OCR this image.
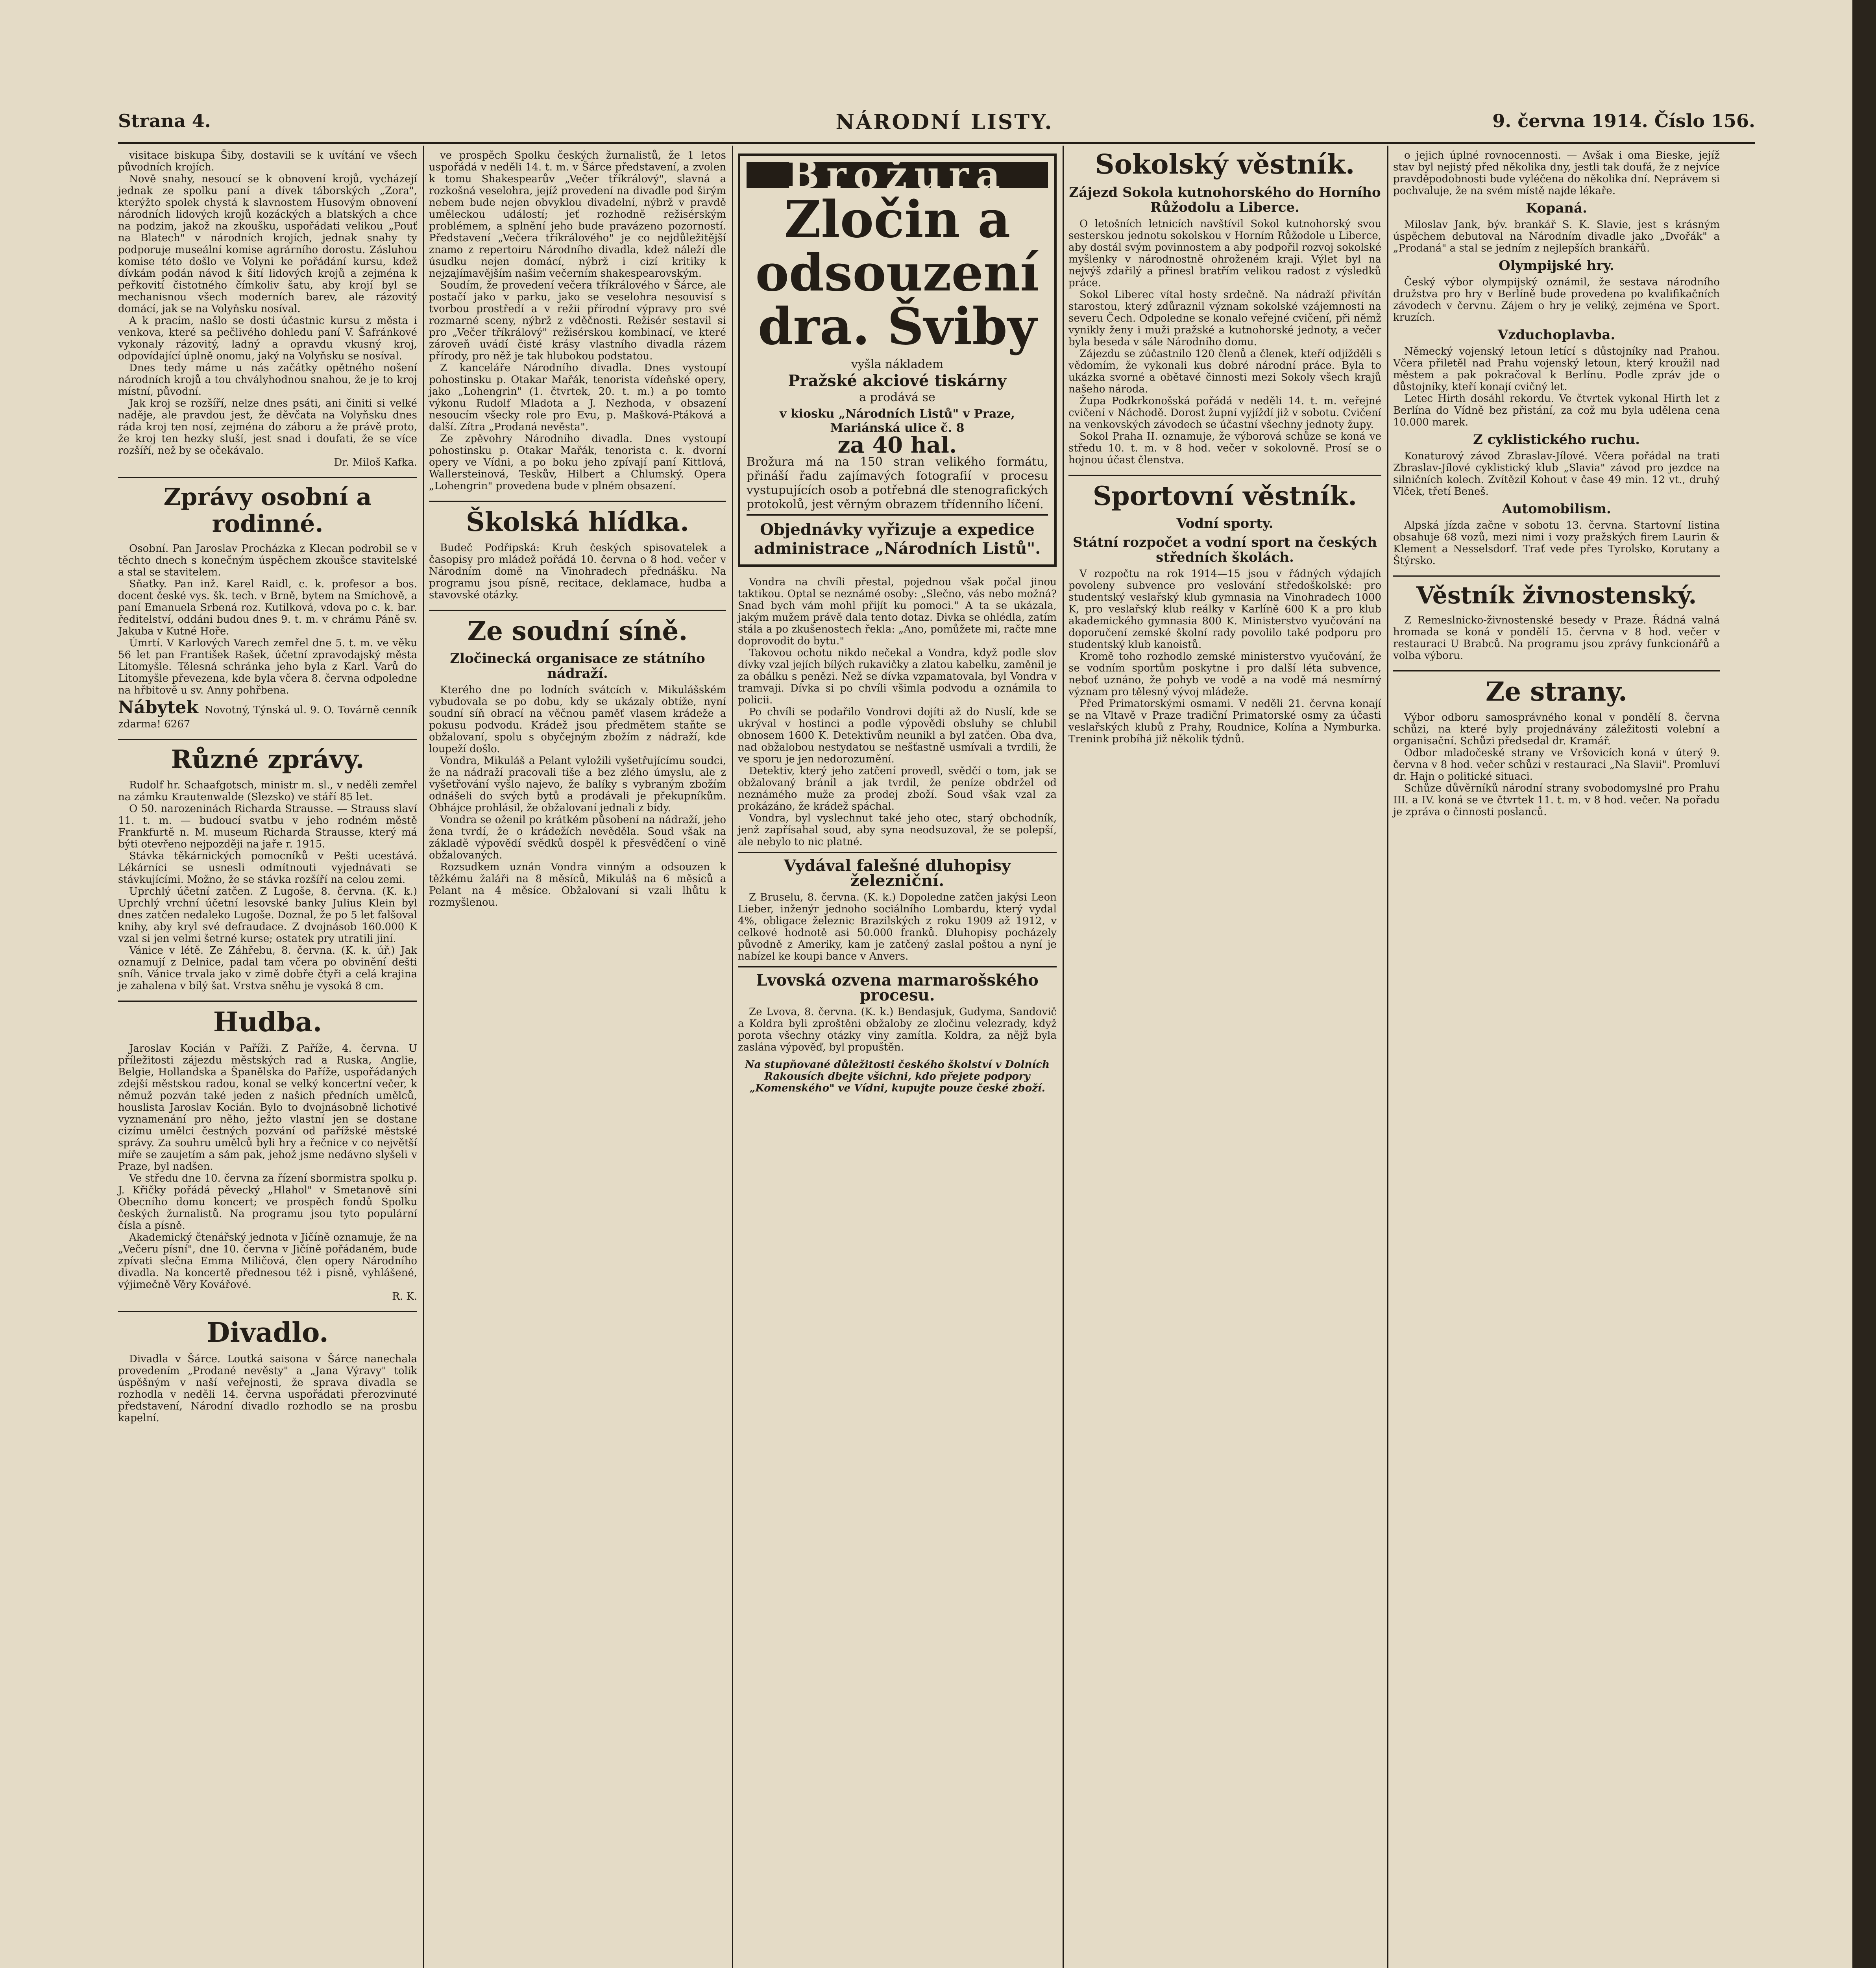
Strana 4.	NÁRODNÍ LISTY.	9. června 1914. Číslo 156.

visitace biskupa Šiby, dostavili se k uvítání ve všech původních krojích.

Nově snahy, nesoucí se k obnovení krojů, vycházejí jednak ze spolku paní a dívek táborských „Zora", kterýžto spolek chystá k slavnostem Husovým obnovení národních lidových krojů kozáckých a blatských a chce na podzim, jakož na zkoušku, uspořádati velikou „Pouť na Blatech" v národních krojích, jednak snahy ty podporuje museální komise agrárního dorostu. Zásluhou komise této došlo ve Volyni ke pořádání kursu, kdež dívkám podán návod k šití lidových krojů a zejména k peřkovití čistotného čímkoliv šatu, aby krojí byl se mechanisnou všech moderních barev, ale rázovitý domácí, jak se na Volyňsku nosíval.

A k pracím, našlo se dosti účastnic kursu z města i venkova, které sa pečlivého dohledu paní V. Šafránkové vykonaly rázovitý, ladný a opravdu vkusný kroj, odpovídající úplně onomu, jaký na Volyňsku se nosíval.

Dnes tedy máme u nás začátky opětného nošení národních krojů a tou chvályhodnou snahou, že je to kroj místní, původní.

Jak kroj se rozšíří, nelze dnes psáti, ani činiti si velké naděje, ale pravdou jest, že děvčata na Volyňsku dnes ráda kroj ten nosí, zejména do záboru a že právě proto, že kroj ten hezky sluší, jest snad i doufati, že se více rozšíří, než by se očekávalo.

Dr. Miloš Kafka.

Zprávy osobní a rodinné.

Osobní. Pan Jaroslav Procházka z Klecan podrobil se v těchto dnech s konečným úspěchem zkoušce stavitelské a stal se stavitelem.

Sňatky. Pan inž. Karel Raidl, c. k. profesor a bos. docent české vys. šk. tech. v Brně, bytem na Smíchově, a paní Emanuela Srbená roz. Kutilková, vdova po c. k. bar. ředitelství, oddáni budou dnes 9. t. m. v chrámu Páně sv. Jakuba v Kutné Hoře.

Úmrtí. V Karlových Varech zemřel dne 5. t. m. ve věku 56 let pan František Rašek, účetní zpravodajský města Litomyšle. Tělesná schránka jeho byla z Karl. Varů do Litomyšle převezena, kde byla včera 8. června odpoledne na hřbitově u sv. Anny pohřbena.

Nábytek Novotný, Týnská ul. 9. O. Továrně cenník zdarma! 6267
Různé zprávy.

Rudolf hr. Schaafgotsch, ministr m. sl., v neděli zemřel na zámku Krautenwalde (Slezsko) ve stáří 85 let.

O 50. narozeninách Richarda Strausse. — Strauss slaví 11. t. m. — budoucí svatbu v jeho rodném městě Frankfurtě n. M. museum Richarda Strausse, který má býti otevřeno nejpozději na jaře r. 1915.

Stávka těkárnických pomocníků v Pešti ucestává. Lékárníci se usnesli odmítnouti vyjednávati se stávkujícími. Možno, že se stávka rozšíří na celou zemi.

Uprchlý účetní zatčen. Z Lugoše, 8. června. (K. k.) Uprchlý vrchní účetní lesovské banky Julius Klein byl dnes zatčen nedaleko Lugoše. Doznal, že po 5 let falšoval knihy, aby kryl své defraudace. Z dvojnásob 160.000 K vzal si jen velmi šetrné kurse; ostatek pry utratili jiní.

Vánice v létě. Ze Záhřebu, 8. června. (K. k. úř.) Jak oznamují z Delnice, padal tam včera po obvinění dešti sníh. Vánice trvala jako v zimě dobře čtyři a celá krajina je zahalena v bílý šat. Vrstva sněhu je vysoká 8 cm.

Hudba.

Jaroslav Kocián v Paříži. Z Paříže, 4. června. U příležitosti zájezdu městských rad a Ruska, Anglie, Belgie, Hollandska a Španělska do Paříže, uspořádaných zdejší městskou radou, konal se velký koncertní večer, k němuž pozván také jeden z našich předních umělců, houslista Jaroslav Kocián. Bylo to dvojnásobně lichotivé vyznamenání pro něho, ježto vlastní jen se dostane cizímu umělci čestných pozvání od pařížské městské správy. Za souhru umělců byli hry a řečnice v co největší míře se zaujetím a sám pak, jehož jsme nedávno slyšeli v Praze, byl nadšen.

Ve středu dne 10. června za řízení sbormistra spolku p. J. Křičky pořádá pěvecký „Hlahol" v Smetanově síni Obecního domu koncert; ve prospěch fondů Spolku českých žurnalistů. Na programu jsou tyto populární čísla a písně.

Akademický čtenářský jednota v Jičíně oznamuje, že na „Večeru písní", dne 10. června v Jičíně pořádaném, bude zpívati slečna Emma Miličová, člen opery Národního divadla. Na koncertě přednesou též i písně, vyhlášené, výjimečně Věry Kovářové.

R. K.

Divadlo.

Divadla v Šárce. Loutká saisona v Šárce nanechala provedením „Prodané nevěsty" a „Jana Výravy" tolik úspěšným v naší veřejnosti, že sprava divadla se rozhodla v neděli 14. června uspořádati přerozvinuté představení, Národní divadlo rozhodlo se na prosbu kapelní.

ve prospěch Spolku českých žurnalistů, že 1 letos uspořádá v neděli 14. t. m. v Šárce představení, a zvolen k tomu Shakespearův „Večer tříkrálový", slavná a rozkošná veselohra, jejíž provedení na divadle pod širým nebem bude nejen obvyklou divadelní, nýbrž v pravdě uměleckou událostí; jeť rozhodně režisérským problémem, a splnění jeho bude pravázeno pozorností. Představení „Večera tříkrálového" je co nejdůležitější znamo z repertoiru Národního divadla, kdež náleží dle úsudku nejen domácí, nýbrž i cizí kritiky k nejzajímavějším našim večerním shakespearovským.

Soudím, že provedení večera tříkrálového v Šárce, ale postačí jako v parku, jako se veselohra nesouvisí s tvorbou prostředí a v režii přírodní výpravy pro své rozmarné sceny, nýbrž z vděčnosti. Režisér sestavil si pro „Večer tříkrálový" režisérskou kombinací, ve které zároveň uvádí čisté krásy vlastního divadla rázem přírody, pro něž je tak hlubokou podstatou.

Z kanceláře Národního divadla. Dnes vystoupí pohostinsku p. Otakar Mařák, tenorista vídeňské opery, jako „Lohengrin" (1. čtvrtek, 20. t. m.) a po tomto výkonu Rudolf Mladota a J. Nezhoda, v obsazení nesoucím všecky role pro Evu, p. Mašková-Ptáková a další. Zítra „Prodaná nevěsta".

Ze zpěvohry Národního divadla. Dnes vystoupí pohostinsku p. Otakar Mařák, tenorista c. k. dvorní opery ve Vídni, a po boku jeho zpívají paní Kittlová, Wallersteinová, Teskův, Hilbert a Chlumský. Opera „Lohengrin" provedena bude v plném obsazení.

Školská hlídka.

Budeč Podřipská: Kruh českých spisovatelek a časopisy pro mládež pořádá 10. června o 8 hod. večer v Národním domě na Vinohradech přednášku. Na programu jsou písně, recitace, deklamace, hudba a stavovské otázky.

Ze soudní síně.
Zločinecká organisace ze státního nádraží.

Kterého dne po lodních svátcích v. Mikulášském vybudovala se po dobu, kdy se ukázaly obtíže, nyní soudní síň obrací na věčnou paměť vlasem krádeže a pokusu podvodu. Krádež jsou předmětem staňte se obžalovaní, spolu s obyčejným zbožím z nádraží, kde loupeží došlo.

Vondra, Mikuláš a Pelant vyložili vyšetřujícímu soudci, že na nádraží pracovali tiše a bez zlého úmyslu, ale z vyšetřování vyšlo najevo, že balíky s vybraným zbožím odnášeli do svých bytů a prodávali je překupníkům. Obhájce prohlásil, že obžalovaní jednali z bídy.

Vondra se oženil po krátkém působení na nádraží, jeho žena tvrdí, že o krádežích nevěděla. Soud však na základě výpovědí svědků dospěl k přesvědčení o vině obžalovaných.

Rozsudkem uznán Vondra vinným a odsouzen k těžkému žaláři na 8 měsíců, Mikuláš na 6 měsíců a Pelant na 4 měsíce. Obžalovaní si vzali lhůtu k rozmyšlenou.

Brožura
Zločin a odsouzení dra. Šviby
vyšla nákladem
Pražské akciové tiskárny
a prodává se
v kiosku „Národních Listů" v Praze, Mariánská ulice č. 8
za 40 hal.
Brožura má na 150 stran velikého formátu, přináší řadu zajímavých fotografií v procesu vystupujících osob a potřebná dle stenografických protokolů, jest věrným obrazem třídenního líčení.
Objednávky vyřizuje a expedice administrace „Národních Listů".

Vondra na chvíli přestal, pojednou však počal jinou taktikou. Optal se neznámé osoby: „Slečno, vás nebo možná? Snad bych vám mohl přijít ku pomoci." A ta se ukázala, jakým mužem právě dala tento dotaz. Divka se ohlédla, zatím stála a po zkušenostech řekla: „Ano, pomůžete mi, račte mne doprovodit do bytu."

Takovou ochotu nikdo nečekal a Vondra, když podle slov dívky vzal jejích bílých rukavičky a zlatou kabelku, zaměnil je za obálku s penězi. Než se dívka vzpamatovala, byl Vondra v tramvaji. Dívka si po chvíli všimla podvodu a oznámila to policii.

Po chvíli se podařilo Vondrovi dojíti až do Nuslí, kde se ukrýval v hostinci a podle výpovědi obsluhy se chlubil obnosem 1600 K. Detektivům neunikl a byl zatčen. Oba dva, nad obžalobou nestydatou se nešťastně usmívali a tvrdili, že ve sporu je jen nedorozumění.

Detektiv, který jeho zatčení provedl, svědčí o tom, jak se obžalovaný bránil a jak tvrdil, že peníze obdržel od neznámého muže za prodej zboží. Soud však vzal za prokázáno, že krádež spáchal.

Vondra, byl vyslechnut také jeho otec, starý obchodník, jenž zapřísahal soud, aby syna neodsuzoval, že se polepší, ale nebylo to nic platné.

Vydával falešné dluhopisy železniční.

Z Bruselu, 8. června. (K. k.) Dopoledne zatčen jakýsi Leon Lieber, inženýr jednoho sociálního Lombardu, který vydal 4%, obligace železnic Brazilských z roku 1909 až 1912, v celkové hodnotě asi 50.000 franků. Dluhopisy pocházely původně z Ameriky, kam je zatčený zaslal poštou a nyní je nabízel ke koupi bance v Anvers.

Lvovská ozvena marmarošského procesu.

Ze Lvova, 8. června. (K. k.) Bendasjuk, Gudyma, Sandovič a Koldra byli zproštěni obžaloby ze zločinu velezrady, když porota všechny otázky viny zamítla. Koldra, za nějž byla zaslána výpověď, byl propuštěn.

Na stupňované důležitosti českého školství v Dolních Rakousích dbejte všichni, kdo přejete podpory „Komenského" ve Vídni, kupujte pouze české zboží.

Sokolský věstník.
Zájezd Sokola kutnohorského do Horního Růžodolu a Liberce.

O letošních letnicích navštívil Sokol kutnohorský svou sesterskou jednotu sokolskou v Horním Růžodole u Liberce, aby dostál svým povinnostem a aby podpořil rozvoj sokolské myšlenky v národnostně ohroženém kraji. Výlet byl na nejvýš zdařilý a přinesl bratřím velikou radost z výsledků práce.

Sokol Liberec vítal hosty srdečně. Na nádraží přivítán starostou, který zdůraznil význam sokolské vzájemnosti na severu Čech. Odpoledne se konalo veřejné cvičení, při němž vynikly ženy i muži pražské a kutnohorské jednoty, a večer byla beseda v sále Národního domu.

Zájezdu se zúčastnilo 120 členů a členek, kteří odjížděli s vědomím, že vykonali kus dobré národní práce. Byla to ukázka svorné a obětavé činnosti mezi Sokoly všech krajů našeho národa.

Župa Podkrkonošská pořádá v neděli 14. t. m. veřejné cvičení v Náchodě. Dorost župní vyjíždí již v sobotu. Cvičení na venkovských závodech se účastní všechny jednoty župy.

Sokol Praha II. oznamuje, že výborová schůze se koná ve středu 10. t. m. v 8 hod. večer v sokolovně. Prosí se o hojnou účast členstva.

Sportovní věstník.
Vodní sporty.
Státní rozpočet a vodní sport na českých středních školách.

V rozpočtu na rok 1914—15 jsou v řádných výdajích povoleny subvence pro veslování středoškolské: pro studentský veslařský klub gymnasia na Vinohradech 1000 K, pro veslařský klub reálky v Karlíně 600 K a pro klub akademického gymnasia 800 K. Ministerstvo vyučování na doporučení zemské školní rady povolilo také podporu pro studentský klub kanoistů.

Kromě toho rozhodlo zemské ministerstvo vyučování, že se vodním sportům poskytne i pro další léta subvence, neboť uznáno, že pohyb ve vodě a na vodě má nesmírný význam pro tělesný vývoj mládeže.

Před Primatorskými osmami. V neděli 21. června konají se na Vltavě v Praze tradiční Primatorské osmy za účasti veslařských klubů z Prahy, Roudnice, Kolína a Nymburka. Trenink probíhá již několik týdnů.

o jejich úplné rovnocennosti. — Avšak i oma Bieske, jejíž stav byl nejistý před několika dny, jestli tak doufá, že z nejvíce pravděpodobnosti bude vyléčena do několika dní. Neprávem si pochvaluje, že na svém místě najde lékaře.

Kopaná.

Miloslav Jank, býv. brankář S. K. Slavie, jest s krásným úspěchem debutoval na Národním divadle jako „Dvořák" a „Prodaná" a stal se jedním z nejlepších brankářů.

Olympijské hry.

Český výbor olympijský oznámil, že sestava národního družstva pro hry v Berlíně bude provedena po kvalifikačních závodech v červnu. Zájem o hry je veliký, zejména ve Sport. kruzích.

Vzduchoplavba.

Německý vojenský letoun letící s důstojníky nad Prahou. Včera přiletěl nad Prahu vojenský letoun, který kroužil nad městem a pak pokračoval k Berlínu. Podle zpráv jde o důstojníky, kteří konají cvičný let.

Letec Hirth dosáhl rekordu. Ve čtvrtek vykonal Hirth let z Berlína do Vídně bez přistání, za což mu byla udělena cena 10.000 marek.

Z cyklistického ruchu.

Konaturový závod Zbraslav-Jílové. Včera pořádal na trati Zbraslav-Jílové cyklistický klub „Slavia" závod pro jezdce na silničních kolech. Zvítězil Kohout v čase 49 min. 12 vt., druhý Vlček, třetí Beneš.

Automobilism.

Alpská jízda začne v sobotu 13. června. Startovní listina obsahuje 68 vozů, mezi nimi i vozy pražských firem Laurin & Klement a Nesselsdorf. Trať vede přes Tyrolsko, Korutany a Štýrsko.

Věstník živnostenský.

Z Remeslnicko-živnostenské besedy v Praze. Řádná valná hromada se koná v pondělí 15. června v 8 hod. večer v restauraci U Brabců. Na programu jsou zprávy funkcionářů a volba výboru.

Ze strany.

Výbor odboru samosprávného konal v pondělí 8. června schůzi, na které byly projednávány záležitosti volební a organisační. Schůzi předsedal dr. Kramář.

Odbor mladočeské strany ve Vršovicích koná v úterý 9. června v 8 hod. večer schůzi v restauraci „Na Slavii". Promluví dr. Hajn o politické situaci.

Schůze důvěrníků národní strany svobodomyslné pro Prahu III. a IV. koná se ve čtvrtek 11. t. m. v 8 hod. večer. Na pořadu je zpráva o činnosti poslanců.
